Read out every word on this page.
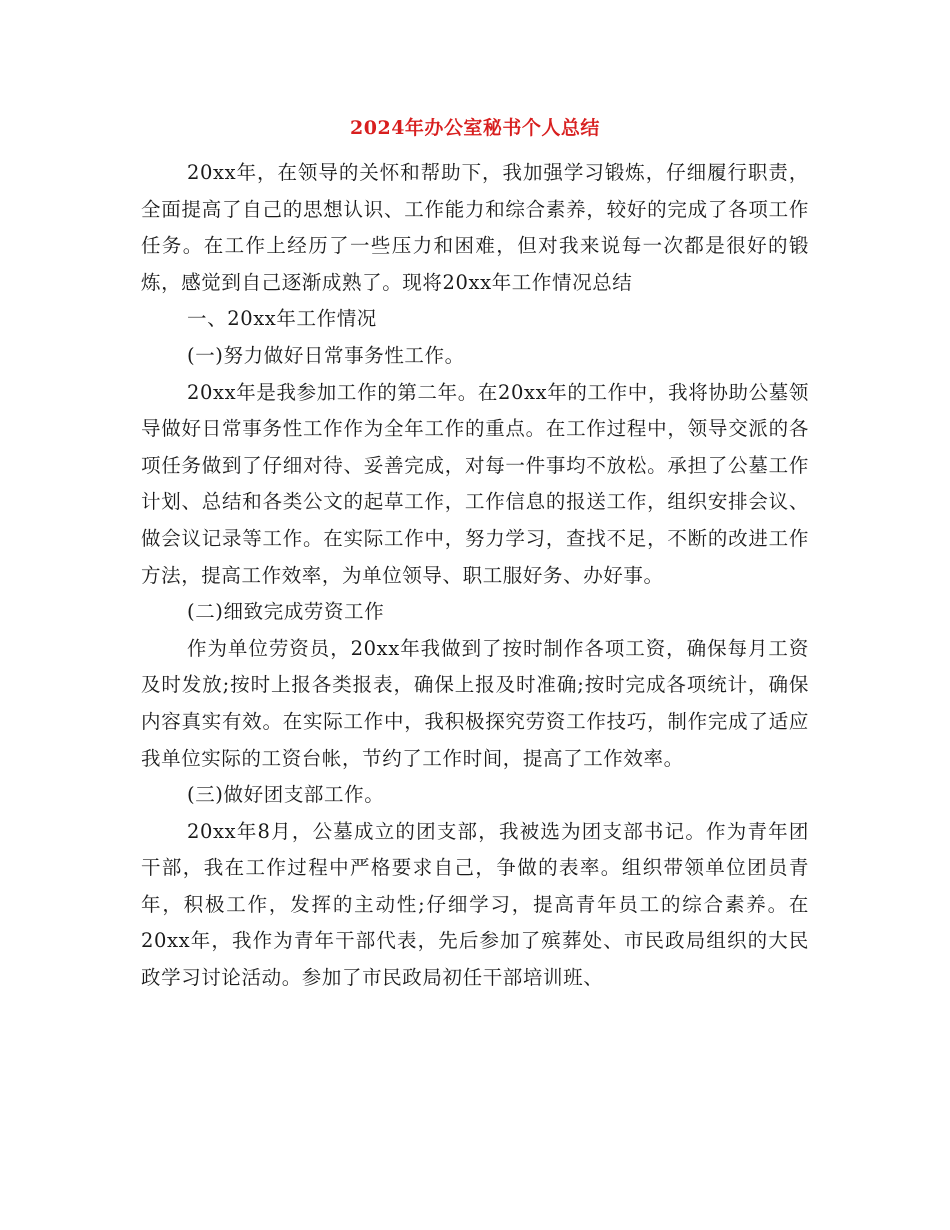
2024年办公室秘书个人总结

20xx年，在领导的关怀和帮助下，我加强学习锻炼，仔细履行职责，全面提高了自己的思想认识、工作能力和综合素养，较好的完成了各项工作任务。在工作上经历了一些压力和困难，但对我来说每一次都是很好的锻炼，感觉到自己逐渐成熟了。现将20xx年工作情况总结

一、20xx年工作情况

(一)努力做好日常事务性工作。

20xx年是我参加工作的第二年。在20xx年的工作中，我将协助公墓领导做好日常事务性工作作为全年工作的重点。在工作过程中，领导交派的各项任务做到了仔细对待、妥善完成，对每一件事均不放松。承担了公墓工作计划、总结和各类公文的起草工作，工作信息的报送工作，组织安排会议、做会议记录等工作。在实际工作中，努力学习，查找不足，不断的改进工作方法，提高工作效率，为单位领导、职工服好务、办好事。

(二)细致完成劳资工作

作为单位劳资员，20xx年我做到了按时制作各项工资，确保每月工资及时发放;按时上报各类报表，确保上报及时准确;按时完成各项统计，确保内容真实有效。在实际工作中，我积极探究劳资工作技巧，制作完成了适应我单位实际的工资台帐，节约了工作时间，提高了工作效率。

(三)做好团支部工作。

20xx年8月，公墓成立的团支部，我被选为团支部书记。作为青年团干部，我在工作过程中严格要求自己，争做的表率。组织带领单位团员青年，积极工作，发挥的主动性;仔细学习，提高青年员工的综合素养。在20xx年，我作为青年干部代表，先后参加了殡葬处、市民政局组织的大民政学习讨论活动。参加了市民政局初任干部培训班、
